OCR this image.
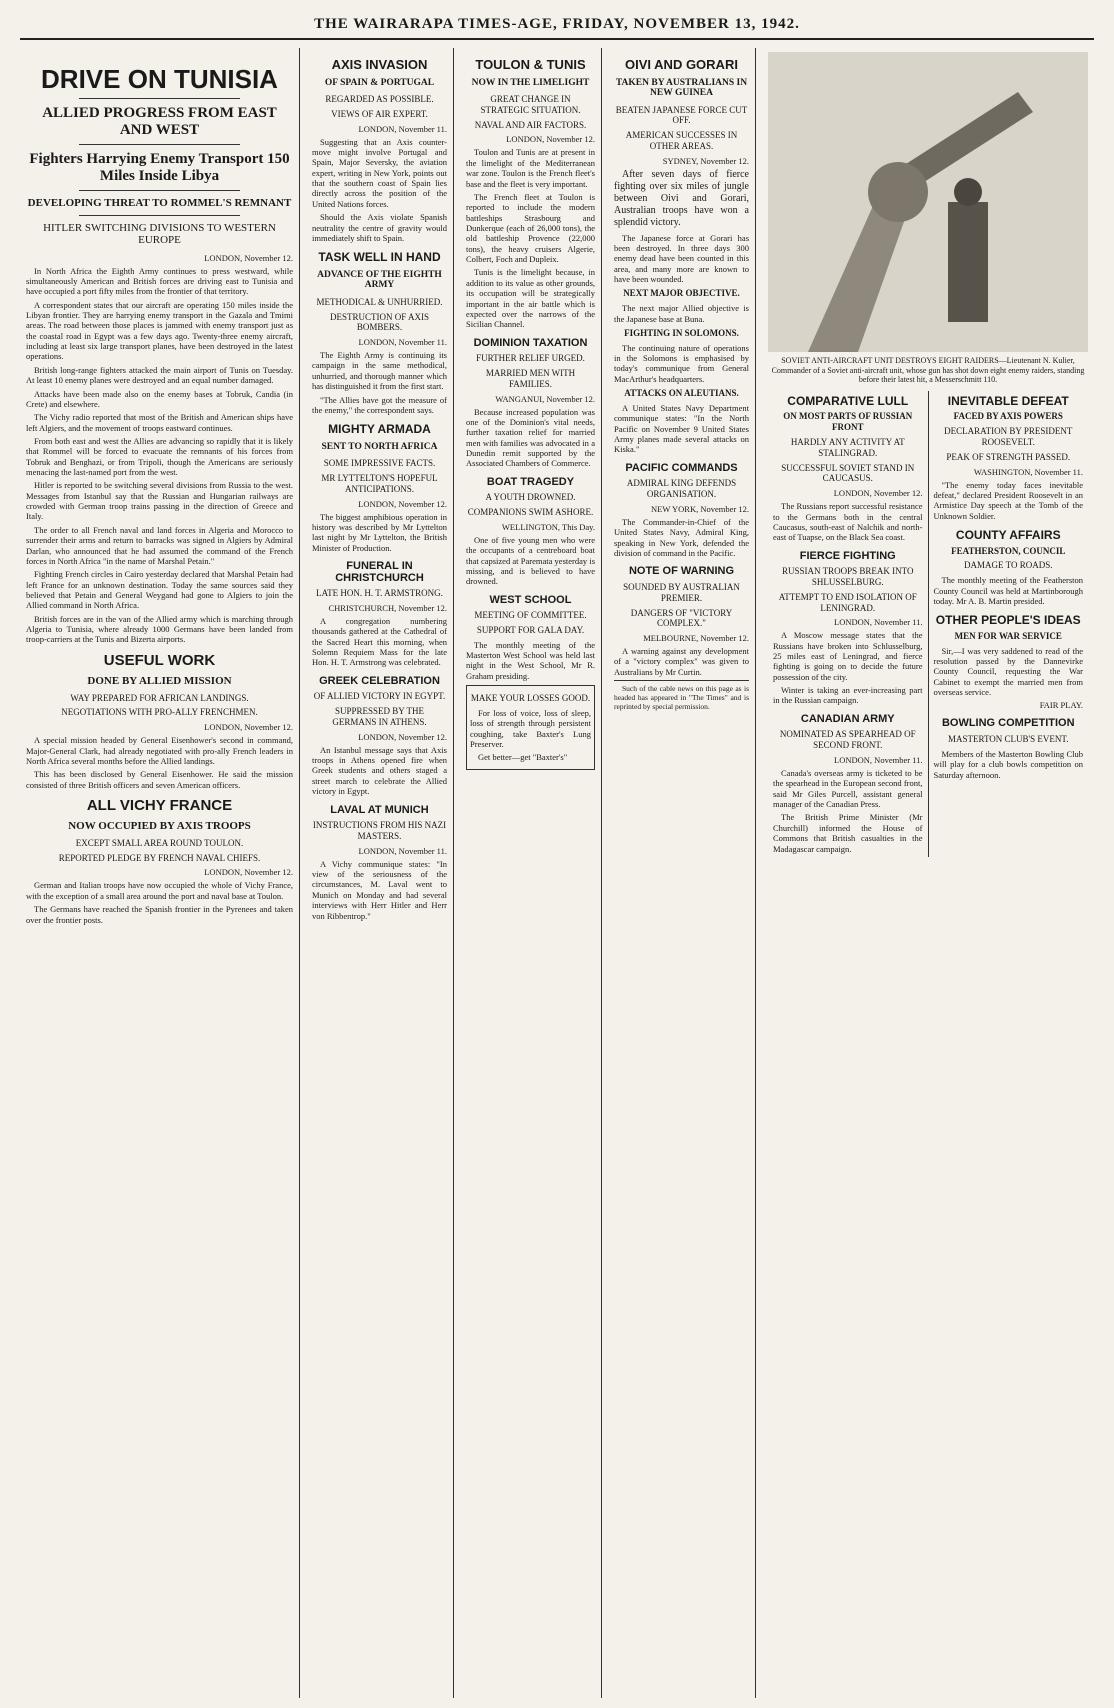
THE WAIRARAPA TIMES-AGE, FRIDAY, NOVEMBER 13, 1942.
DRIVE ON TUNISIA
ALLIED PROGRESS FROM EAST AND WEST
Fighters Harrying Enemy Transport 150 Miles Inside Libya
DEVELOPING THREAT TO ROMMEL'S REMNANT
HITLER SWITCHING DIVISIONS TO WESTERN EUROPE
LONDON, November 12.

In North Africa the Eighth Army continues to press westward, while simultaneously American and British forces are driving east to Tunisia and have occupied a port fifty miles from the frontier of that territory.

A correspondent states that our aircraft are operating 150 miles inside the Libyan frontier. They are harrying enemy transport in the Gazala and Tmimi areas. The road between those places is jammed with enemy transport just as the coastal road in Egypt was a few days ago. Twenty-three enemy aircraft, including at least six large transport planes, have been destroyed in the latest operations.

British long-range fighters attacked the main airport of Tunis on Tuesday. At least 10 enemy planes were destroyed and an equal number damaged.

Attacks have been made also on the enemy bases at Tobruk, Candia (in Crete) and elsewhere.

The Vichy radio reported that most of the British and American ships have left Algiers, and the movement of troops eastward continues.

From both east and west the Allies are advancing so rapidly that it is likely that Rommel will be forced to evacuate the remnants of his forces from Tobruk and Benghazi, or from Tripoli, though the Americans are seriously menacing the last-named port from the west.

Hitler is reported to be switching several divisions from Russia to the west. Messages from Istanbul say that the Russian and Hungarian railways are crowded with German troop trains passing in the direction of Greece and Italy.

The order to all French naval and land forces in Algeria and Morocco to surrender their arms and return to barracks was signed in Algiers by Admiral Darlan, who announced that he had assumed the command of the French forces in North Africa "in the name of Marshal Petain."

Fighting French circles in Cairo yesterday declared that Marshal Petain had left France for an unknown destination. Today the same sources said they believed that Petain and General Weygand had gone to Algiers to join the Allied command in North Africa.

British forces are in the van of the Allied army which is marching through Algeria to Tunisia, where already 1000 Germans have been landed from troop-carriers at the Tunis and Bizerta airports.

USEFUL WORK
DONE BY ALLIED MISSION
WAY PREPARED FOR AFRICAN LANDINGS.
NEGOTIATIONS WITH PRO-ALLY FRENCHMEN.
LONDON, November 12.

A special mission headed by General Eisenhower's second in command, Major-General Clark, had already negotiated with pro-ally French leaders in North Africa several months before the Allied landings.

This has been disclosed by General Eisenhower. He said the mission consisted of three British officers and seven American officers.

ALL VICHY FRANCE
NOW OCCUPIED BY AXIS TROOPS
EXCEPT SMALL AREA ROUND TOULON.
REPORTED PLEDGE BY FRENCH NAVAL CHIEFS.
LONDON, November 12.

German and Italian troops have now occupied the whole of Vichy France, with the exception of a small area around the port and naval base at Toulon.

The Germans have reached the Spanish frontier in the Pyrenees and taken over the frontier posts.

AXIS INVASION
OF SPAIN & PORTUGAL
REGARDED AS POSSIBLE.
VIEWS OF AIR EXPERT.
LONDON, November 11.

Suggesting that an Axis counter-move might involve Portugal and Spain, Major Seversky, the aviation expert, writing in New York, points out that the southern coast of Spain lies directly across the position of the United Nations forces.

Should the Axis violate Spanish neutrality the centre of gravity would immediately shift to Spain.

TASK WELL IN HAND
ADVANCE OF THE EIGHTH ARMY
METHODICAL & UNHURRIED.
DESTRUCTION OF AXIS BOMBERS.
LONDON, November 11.

The Eighth Army is continuing its campaign in the same methodical, unhurried, and thorough manner which has distinguished it from the first start.

"The Allies have got the measure of the enemy," the correspondent says.

MIGHTY ARMADA
SENT TO NORTH AFRICA
SOME IMPRESSIVE FACTS.
MR LYTTELTON'S HOPEFUL ANTICIPATIONS.
LONDON, November 12.

The biggest amphibious operation in history was described by Mr Lyttelton last night by Mr Lyttelton, the British Minister of Production.

FUNERAL IN CHRISTCHURCH
LATE HON. H. T. ARMSTRONG.
CHRISTCHURCH, November 12.

A congregation numbering thousands gathered at the Cathedral of the Sacred Heart this morning, when Solemn Requiem Mass for the late Hon. H. T. Armstrong was celebrated.

GREEK CELEBRATION
OF ALLIED VICTORY IN EGYPT.
SUPPRESSED BY THE GERMANS IN ATHENS.
LONDON, November 12.

An Istanbul message says that Axis troops in Athens opened fire when Greek students and others staged a street march to celebrate the Allied victory in Egypt.

LAVAL AT MUNICH
INSTRUCTIONS FROM HIS NAZI MASTERS.
LONDON, November 11.

A Vichy communique states: "In view of the seriousness of the circumstances, M. Laval went to Munich on Monday and had several interviews with Herr Hitler and Herr von Ribbentrop."

TOULON & TUNIS
NOW IN THE LIMELIGHT
GREAT CHANGE IN STRATEGIC SITUATION.
NAVAL AND AIR FACTORS.
LONDON, November 12.

Toulon and Tunis are at present in the limelight of the Mediterranean war zone. Toulon is the French fleet's base and the fleet is very important.

The French fleet at Toulon is reported to include the modern battleships Strasbourg and Dunkerque (each of 26,000 tons), the old battleship Provence (22,000 tons), the heavy cruisers Algerie, Colbert, Foch and Dupleix.

Tunis is the limelight because, in addition to its value as other grounds, its occupation will be strategically important in the air battle which is expected over the narrows of the Sicilian Channel.

DOMINION TAXATION
FURTHER RELIEF URGED.
MARRIED MEN WITH FAMILIES.
WANGANUI, November 12.

Because increased population was one of the Dominion's vital needs, further taxation relief for married men with families was advocated in a Dunedin remit supported by the Associated Chambers of Commerce.

BOAT TRAGEDY
A YOUTH DROWNED.
COMPANIONS SWIM ASHORE.
WELLINGTON, This Day.

One of five young men who were the occupants of a centreboard boat that capsized at Paremata yesterday is missing, and is believed to have drowned.

WEST SCHOOL
MEETING OF COMMITTEE.
SUPPORT FOR GALA DAY.

The monthly meeting of the Masterton West School was held last night in the West School, Mr R. Graham presiding.

MAKE YOUR LOSSES GOOD.

For loss of voice, loss of sleep, loss of strength through persistent coughing, take Baxter's Lung Preserver.

Get better—get "Baxter's"

OIVI AND GORARI
TAKEN BY AUSTRALIANS IN NEW GUINEA
BEATEN JAPANESE FORCE CUT OFF.
AMERICAN SUCCESSES IN OTHER AREAS.
SYDNEY, November 12.

After seven days of fierce fighting over six miles of jungle between Oivi and Gorari, Australian troops have won a splendid victory.

The Japanese force at Gorari has been destroyed. In three days 300 enemy dead have been counted in this area, and many more are known to have been wounded.

NEXT MAJOR OBJECTIVE.

The next major Allied objective is the Japanese base at Buna.

FIGHTING IN SOLOMONS.

The continuing nature of operations in the Solomons is emphasised by today's communique from General MacArthur's headquarters.

ATTACKS ON ALEUTIANS.

A United States Navy Department communique states: "In the North Pacific on November 9 United States Army planes made several attacks on Kiska."

PACIFIC COMMANDS
ADMIRAL KING DEFENDS ORGANISATION.
NEW YORK, November 12.

The Commander-in-Chief of the United States Navy, Admiral King, speaking in New York, defended the division of command in the Pacific.

NOTE OF WARNING
SOUNDED BY AUSTRALIAN PREMIER.
DANGERS OF "VICTORY COMPLEX."
MELBOURNE, November 12.

A warning against any development of a "victory complex" was given to Australians by Mr Curtin.

Such of the cable news on this page as is headed has appeared in "The Times" and is reprinted by special permission.

SOVIET ANTI-AIRCRAFT UNIT DESTROYS EIGHT RAIDERS—Lieutenant N. Kulier, Commander of a Soviet anti-aircraft unit, whose gun has shot down eight enemy raiders, standing before their latest hit, a Messerschmitt 110.
COMPARATIVE LULL
ON MOST PARTS OF RUSSIAN FRONT
HARDLY ANY ACTIVITY AT STALINGRAD.
SUCCESSFUL SOVIET STAND IN CAUCASUS.
LONDON, November 12.

The Russians report successful resistance to the Germans both in the central Caucasus, south-east of Nalchik and north-east of Tuapse, on the Black Sea coast.

FIERCE FIGHTING
RUSSIAN TROOPS BREAK INTO SHLUSSELBURG.
ATTEMPT TO END ISOLATION OF LENINGRAD.
LONDON, November 11.

A Moscow message states that the Russians have broken into Schlusselburg, 25 miles east of Leningrad, and fierce fighting is going on to decide the future possession of the city.

Winter is taking an ever-increasing part in the Russian campaign.

CANADIAN ARMY
NOMINATED AS SPEARHEAD OF SECOND FRONT.
LONDON, November 11.

Canada's overseas army is ticketed to be the spearhead in the European second front, said Mr Giles Purcell, assistant general manager of the Canadian Press.

The British Prime Minister (Mr Churchill) informed the House of Commons that British casualties in the Madagascar campaign.

INEVITABLE DEFEAT
FACED BY AXIS POWERS
DECLARATION BY PRESIDENT ROOSEVELT.
PEAK OF STRENGTH PASSED.
WASHINGTON, November 11.

"The enemy today faces inevitable defeat," declared President Roosevelt in an Armistice Day speech at the Tomb of the Unknown Soldier.

COUNTY AFFAIRS
FEATHERSTON, COUNCIL
DAMAGE TO ROADS.

The monthly meeting of the Featherston County Council was held at Martinborough today. Mr A. B. Martin presided.

OTHER PEOPLE'S IDEAS
MEN FOR WAR SERVICE

Sir,—I was very saddened to read of the resolution passed by the Dannevirke County Council, requesting the War Cabinet to exempt the married men from overseas service.

FAIR PLAY.
BOWLING COMPETITION
MASTERTON CLUB'S EVENT.

Members of the Masterton Bowling Club will play for a club bowls competition on Saturday afternoon.
